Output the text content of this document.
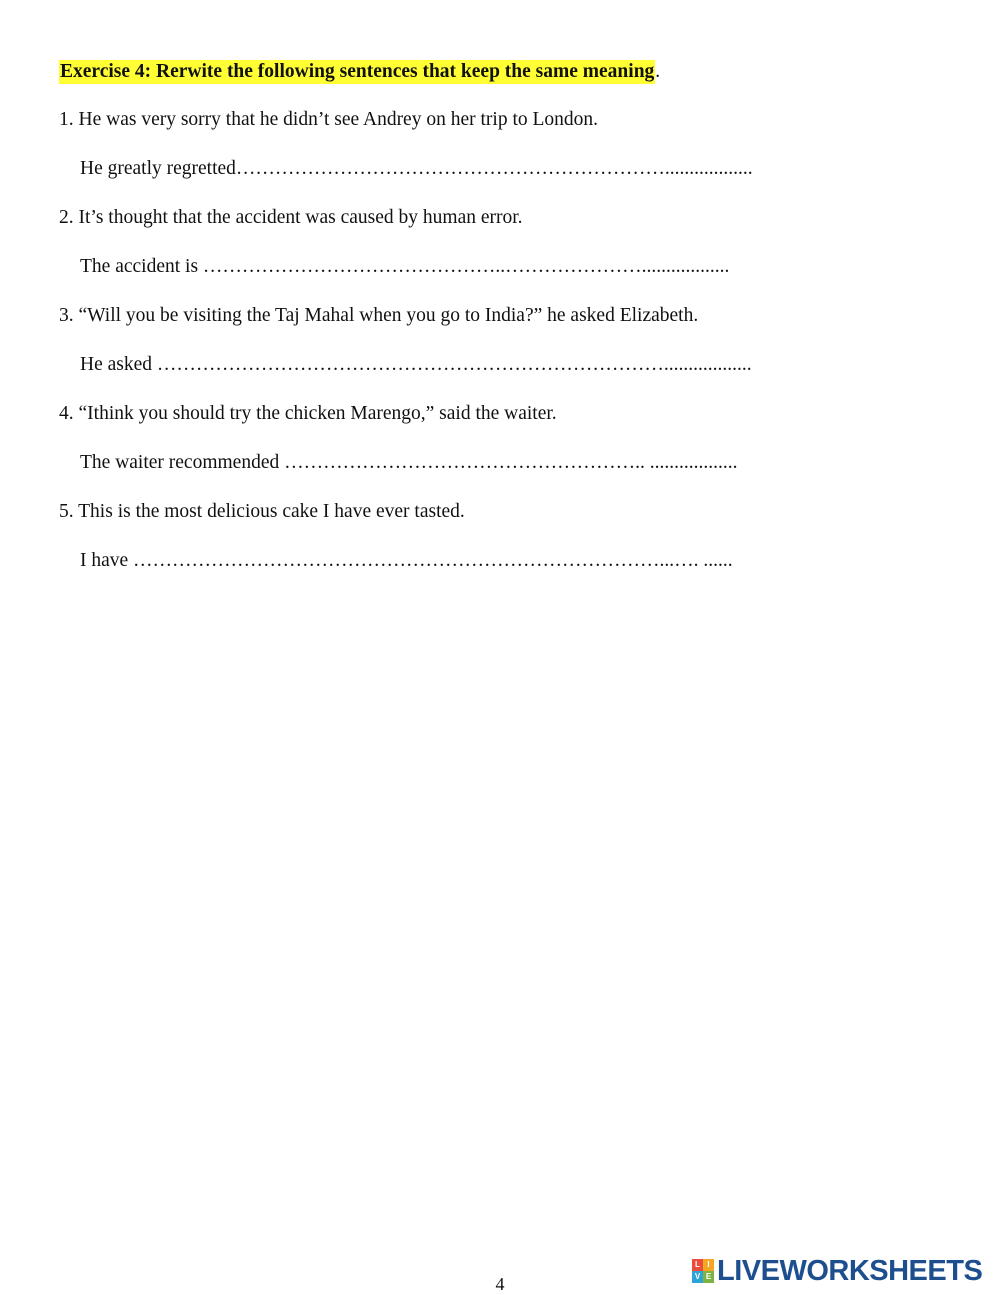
Exercise 4: Rerwite the following sentences that keep the same meaning.
1. He was very sorry that he didn’t see Andrey on her trip to London.
He greatly regretted…………………………………………………………..................
2. It’s thought that the accident was caused by human error.
The accident is ………………………………………..…………………..................
3. “Will you be visiting the Taj Mahal when you go to India?” he asked Elizabeth.
He asked ……………………………………………………………………..................
4. “Ithink you should try the chicken Marengo,” said the waiter.
The waiter recommended ……………………………………………….. ..................
5. This is the most delicious cake I have ever tasted.
I have ………………………………………………………………………...…. ......
4
L I
V E LIVEWORKSHEETS
